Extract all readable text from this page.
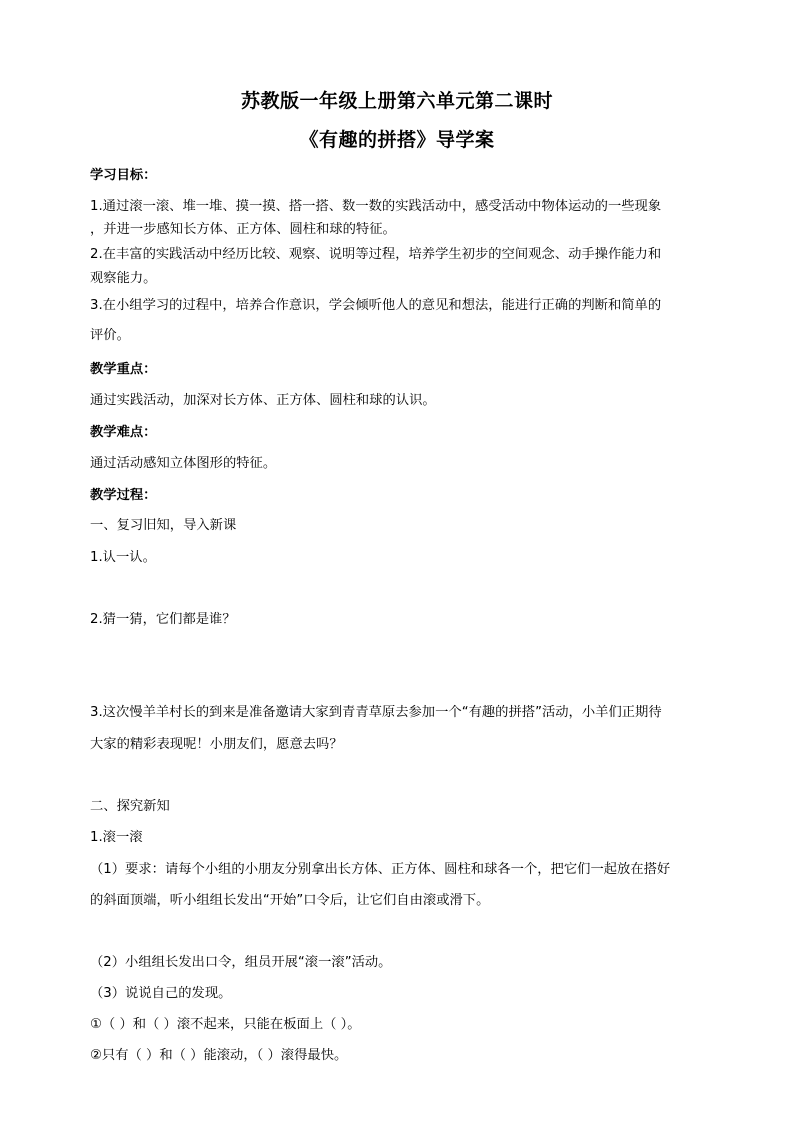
苏教版一年级上册第六单元第二课时
《有趣的拼搭》导学案
学习目标：
1.通过滚一滚、堆一堆、摸一摸、搭一搭、数一数的实践活动中，感受活动中物体运动的一些现象
，并进一步感知长方体、正方体、圆柱和球的特征。
2.在丰富的实践活动中经历比较、观察、说明等过程，培养学生初步的空间观念、动手操作能力和
观察能力。
3.在小组学习的过程中，培养合作意识，学会倾听他人的意见和想法，能进行正确的判断和简单的
评价。
教学重点：
通过实践活动，加深对长方体、正方体、圆柱和球的认识。
教学难点：
通过活动感知立体图形的特征。
教学过程：
一、复习旧知，导入新课
1.认一认。
2.猜一猜，它们都是谁？
3.这次慢羊羊村长的到来是准备邀请大家到青青草原去参加一个“有趣的拼搭”活动，小羊们正期待
大家的精彩表现呢！小朋友们，愿意去吗？
二、探究新知
1.滚一滚
（1）要求：请每个小组的小朋友分别拿出长方体、正方体、圆柱和球各一个，把它们一起放在搭好
的斜面顶端，听小组组长发出“开始”口令后，让它们自由滚或滑下。
（2）小组组长发出口令，组员开展“滚一滚”活动。
（3）说说自己的发现。
①（ ）和（ ）滚不起来，只能在板面上（ ）。
②只有（ ）和（ ）能滚动，（ ）滚得最快。
